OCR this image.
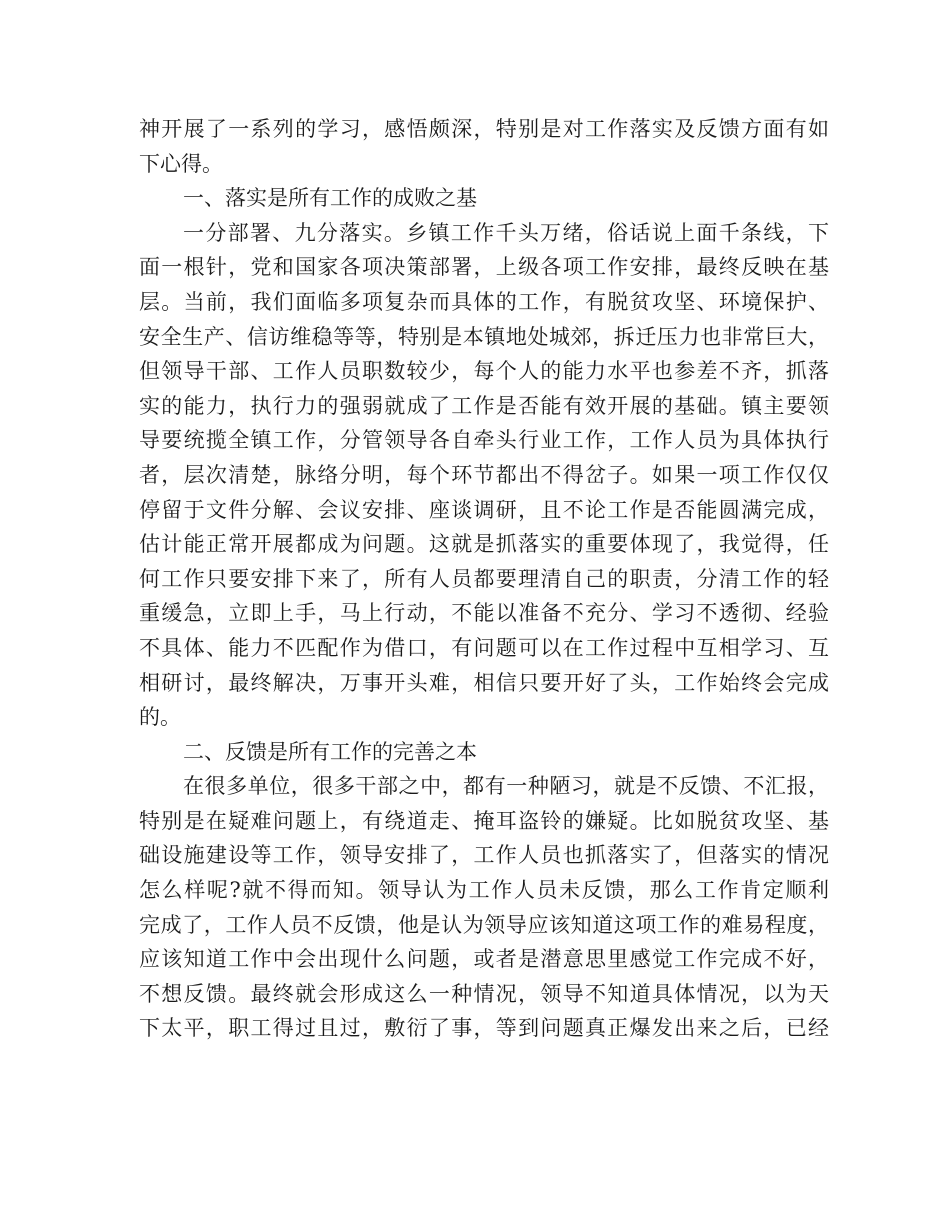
神开展了一系列的学习，感悟颇深，特别是对工作落实及反馈方面有如
下心得。
一、落实是所有工作的成败之基
一分部署、九分落实。乡镇工作千头万绪，俗话说上面千条线，下
面一根针，党和国家各项决策部署，上级各项工作安排，最终反映在基
层。当前，我们面临多项复杂而具体的工作，有脱贫攻坚、环境保护、
安全生产、信访维稳等等，特别是本镇地处城郊，拆迁压力也非常巨大，
但领导干部、工作人员职数较少，每个人的能力水平也参差不齐，抓落
实的能力，执行力的强弱就成了工作是否能有效开展的基础。镇主要领
导要统揽全镇工作，分管领导各自牵头行业工作，工作人员为具体执行
者，层次清楚，脉络分明，每个环节都出不得岔子。如果一项工作仅仅
停留于文件分解、会议安排、座谈调研，且不论工作是否能圆满完成，
估计能正常开展都成为问题。这就是抓落实的重要体现了，我觉得，任
何工作只要安排下来了，所有人员都要理清自己的职责，分清工作的轻
重缓急，立即上手，马上行动，不能以准备不充分、学习不透彻、经验
不具体、能力不匹配作为借口，有问题可以在工作过程中互相学习、互
相研讨，最终解决，万事开头难，相信只要开好了头，工作始终会完成
的。
二、反馈是所有工作的完善之本
在很多单位，很多干部之中，都有一种陋习，就是不反馈、不汇报，
特别是在疑难问题上，有绕道走、掩耳盗铃的嫌疑。比如脱贫攻坚、基
础设施建设等工作，领导安排了，工作人员也抓落实了，但落实的情况
怎么样呢?就不得而知。领导认为工作人员未反馈，那么工作肯定顺利
完成了，工作人员不反馈，他是认为领导应该知道这项工作的难易程度，
应该知道工作中会出现什么问题，或者是潜意思里感觉工作完成不好，
不想反馈。最终就会形成这么一种情况，领导不知道具体情况，以为天
下太平，职工得过且过，敷衍了事，等到问题真正爆发出来之后，已经
